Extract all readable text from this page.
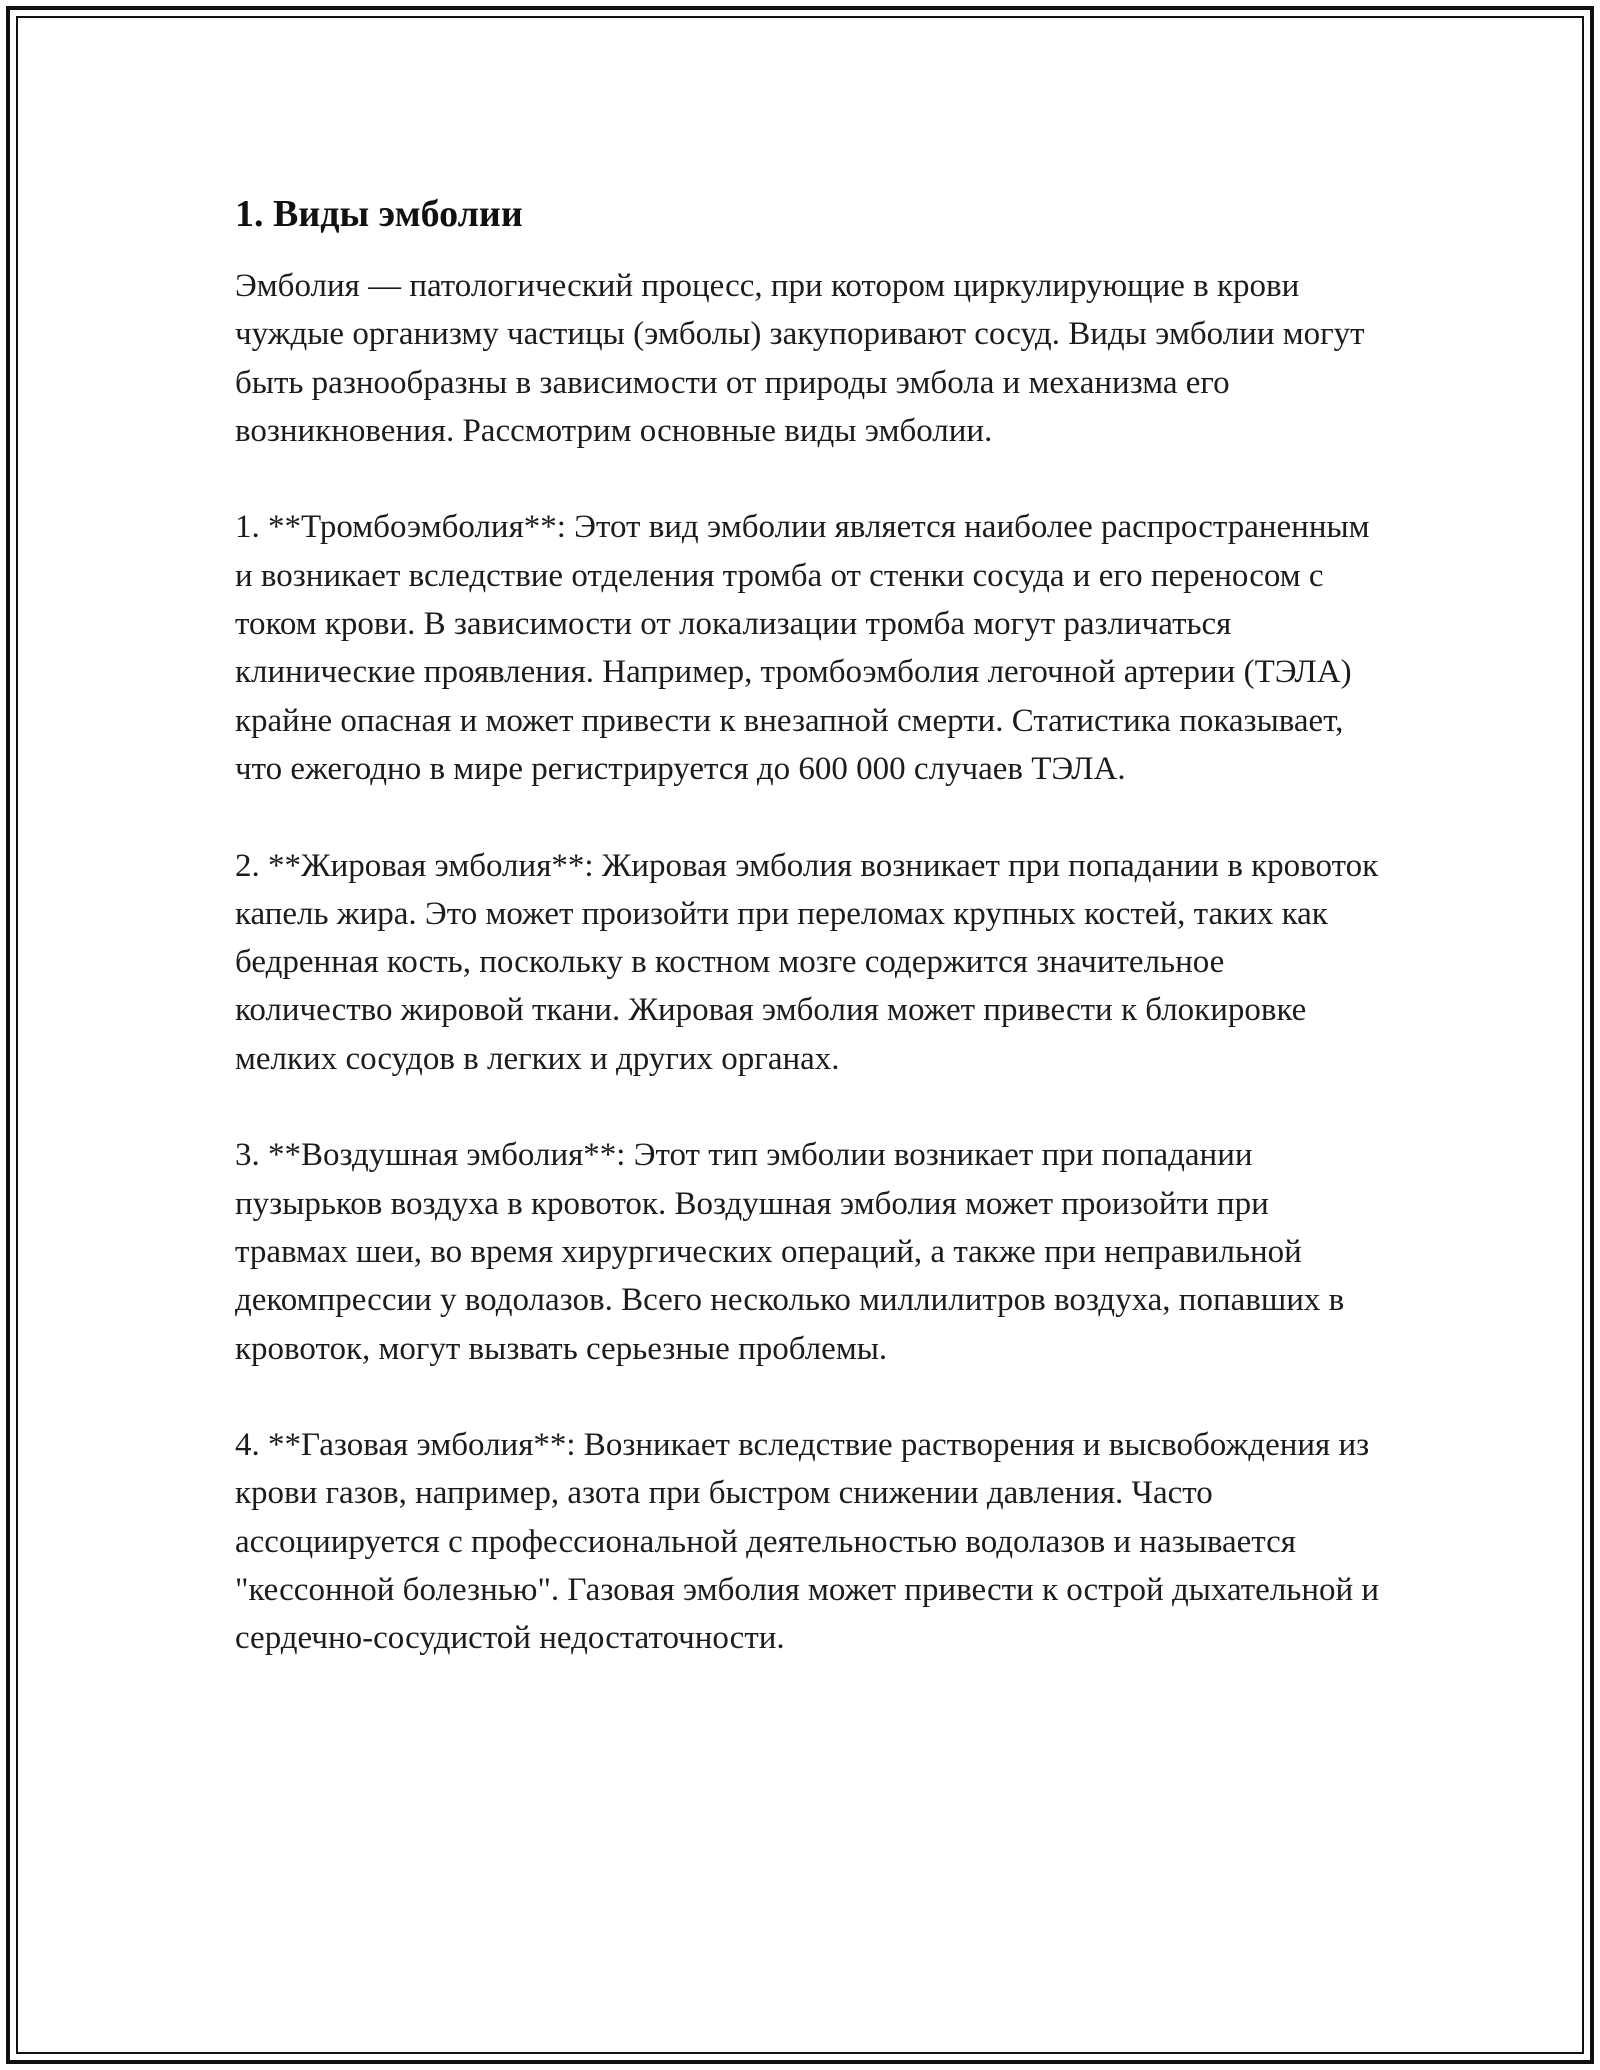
1. Виды эмболии

Эмболия — патологический процесс, при котором циркулирующие в крови чуждые организму частицы (эмболы) закупоривают сосуд. Виды эмболии могут быть разнообразны в зависимости от природы эмбола и механизма его возникновения. Рассмотрим основные виды эмболии.

1. **Тромбоэмболия**: Этот вид эмболии является наиболее распространенным и возникает вследствие отделения тромба от стенки сосуда и его переносом с током крови. В зависимости от локализации тромба могут различаться клинические проявления. Например, тромбоэмболия легочной артерии (ТЭЛА) крайне опасная и может привести к внезапной смерти. Статистика показывает, что ежегодно в мире регистрируется до 600 000 случаев ТЭЛА.

2. **Жировая эмболия**: Жировая эмболия возникает при попадании в кровоток капель жира. Это может произойти при переломах крупных костей, таких как бедренная кость, поскольку в костном мозге содержится значительное количество жировой ткани. Жировая эмболия может привести к блокировке мелких сосудов в легких и других органах.

3. **Воздушная эмболия**: Этот тип эмболии возникает при попадании пузырьков воздуха в кровоток. Воздушная эмболия может произойти при травмах шеи, во время хирургических операций, а также при неправильной декомпрессии у водолазов. Всего несколько миллилитров воздуха, попавших в кровоток, могут вызвать серьезные проблемы.

4. **Газовая эмболия**: Возникает вследствие растворения и высвобождения из крови газов, например, азота при быстром снижении давления. Часто ассоциируется с профессиональной деятельностью водолазов и называется "кессонной болезнью". Газовая эмболия может привести к острой дыхательной и сердечно-сосудистой недостаточности.
